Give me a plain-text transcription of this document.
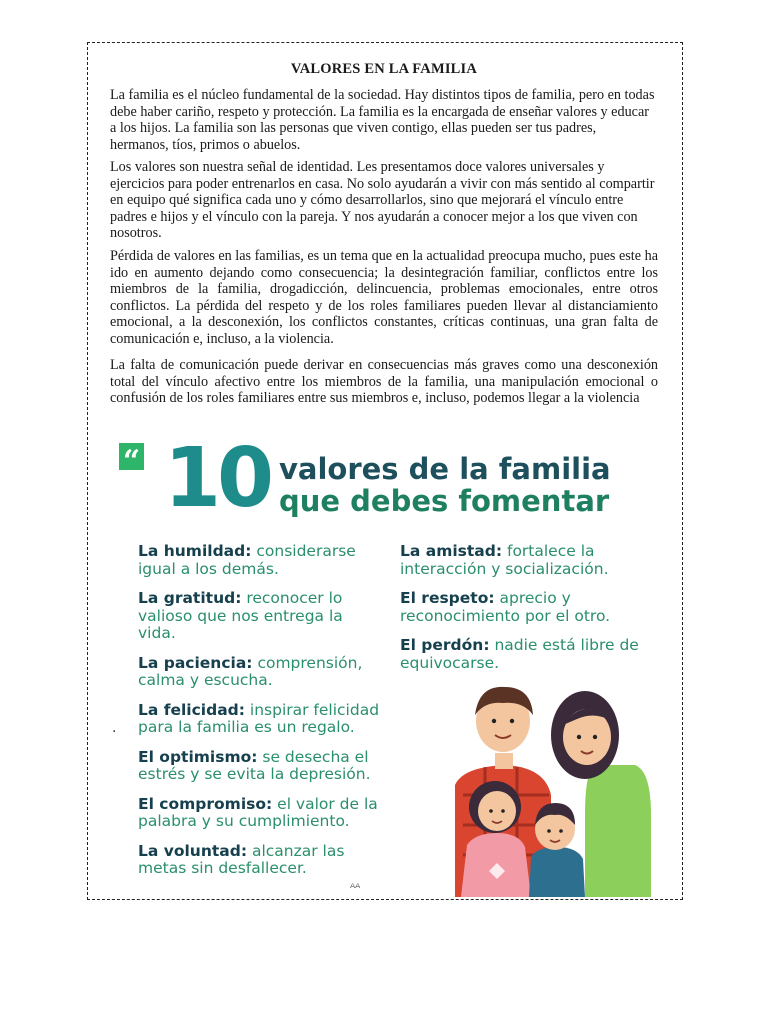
VALORES EN LA FAMILIA

La familia es el núcleo fundamental de la sociedad. Hay distintos tipos de familia, pero en todas debe haber cariño, respeto y protección. La familia es la encargada de enseñar valores y educar a los hijos. La familia son las personas que viven contigo, ellas pueden ser tus padres, hermanos, tíos, primos o abuelos.

Los valores son nuestra señal de identidad. Les presentamos doce valores universales y ejercicios para poder entrenarlos en casa. No solo ayudarán a vivir con más sentido al compartir en equipo qué significa cada uno y cómo desarrollarlos, sino que mejorará el vínculo entre padres e hijos y el vínculo con la pareja. Y nos ayudarán a conocer mejor a los que viven con nosotros.

Pérdida de valores en las familias, es un tema que en la actualidad preocupa mucho, pues este ha ido en aumento dejando como consecuencia; la desintegración familiar, conflictos entre los miembros de la familia, drogadicción, delincuencia, problemas emocionales, entre otros conflictos. La pérdida del respeto y de los roles familiares pueden llevar al distanciamiento emocional, a la desconexión, los conflictos constantes, críticas continuas, una gran falta de comunicación e, incluso, a la violencia.

La falta de comunicación puede derivar en consecuencias más graves como una desconexión total del vínculo afectivo entre los miembros de la familia, una manipulación emocional o confusión de los roles familiares entre sus miembros e, incluso, podemos llegar a la violencia

“ 10 valores de la familia
que debes fomentar
La humildad: considerarse igual a los demás.
La gratitud: reconocer lo valioso que nos entrega la vida.
La paciencia: comprensión, calma y escucha.
La felicidad: inspirar felicidad para la familia es un regalo.
El optimismo: se desecha el estrés y se evita la depresión.
El compromiso: el valor de la palabra y su cumplimiento.
La voluntad: alcanzar las metas sin desfallecer.
La amistad: fortalece la interacción y socialización.
El respeto: aprecio y reconocimiento por el otro.
El perdón: nadie está libre de equivocarse.
.
ᴬᴬ
